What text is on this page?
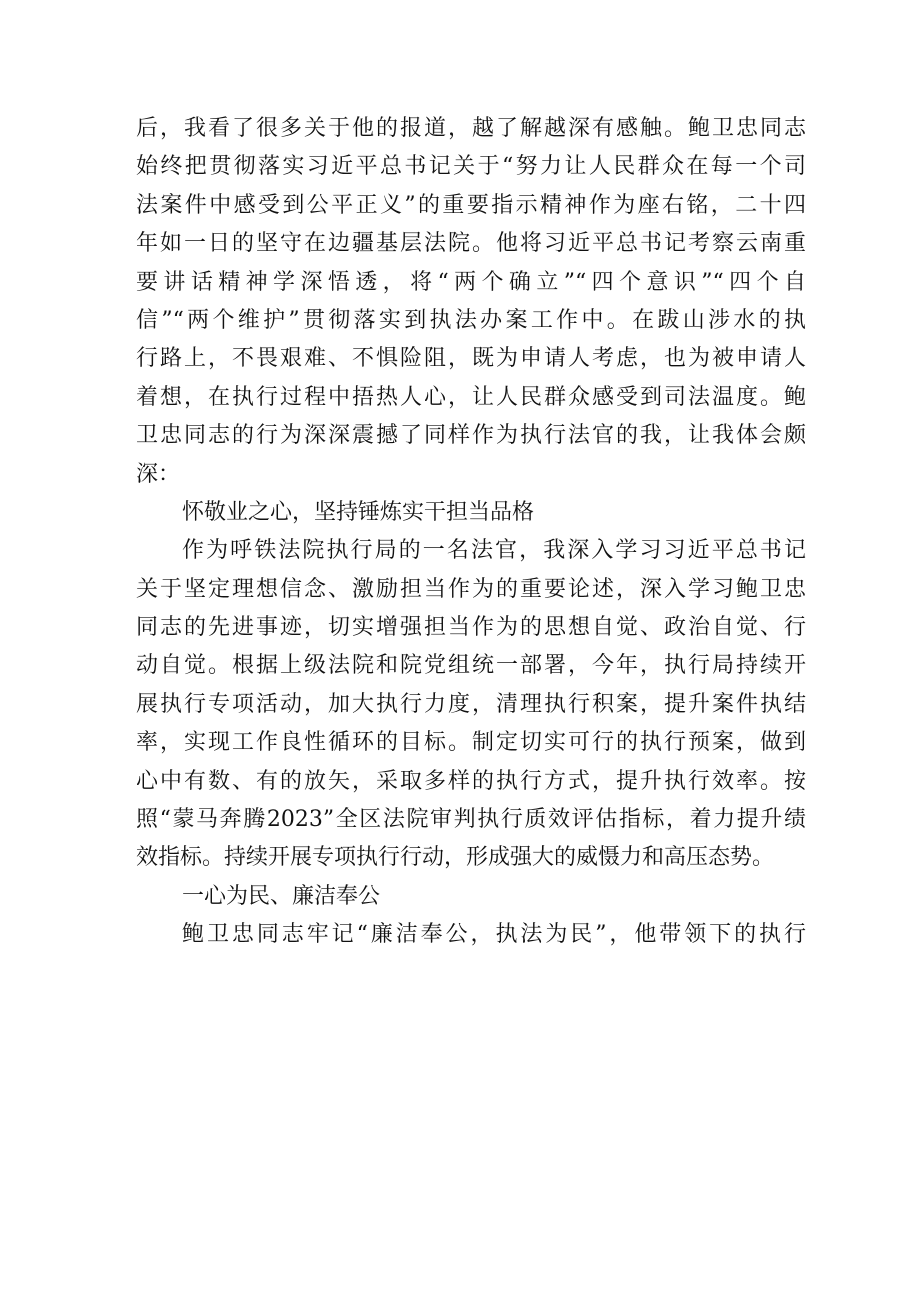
后，我看了很多关于他的报道，越了解越深有感触。鲍卫忠同志
始终把贯彻落实习近平总书记关于“努力让人民群众在每一个司
法案件中感受到公平正义”的重要指示精神作为座右铭，二十四
年如一日的坚守在边疆基层法院。他将习近平总书记考察云南重
要讲话精神学深悟透，将“两个确立”“四个意识”“四个自
信”“两个维护”贯彻落实到执法办案工作中。在跋山涉水的执
行路上，不畏艰难、不惧险阻，既为申请人考虑，也为被申请人
着想，在执行过程中捂热人心，让人民群众感受到司法温度。鲍
卫忠同志的行为深深震撼了同样作为执行法官的我，让我体会颇
深：
怀敬业之心，坚持锤炼实干担当品格
作为呼铁法院执行局的一名法官，我深入学习习近平总书记
关于坚定理想信念、激励担当作为的重要论述，深入学习鲍卫忠
同志的先进事迹，切实增强担当作为的思想自觉、政治自觉、行
动自觉。根据上级法院和院党组统一部署，今年，执行局持续开
展执行专项活动，加大执行力度，清理执行积案，提升案件执结
率，实现工作良性循环的目标。制定切实可行的执行预案，做到
心中有数、有的放矢，采取多样的执行方式，提升执行效率。按
照“蒙马奔腾2023”全区法院审判执行质效评估指标，着力提升绩
效指标。持续开展专项执行行动，形成强大的威慑力和高压态势。
一心为民、廉洁奉公
鲍卫忠同志牢记“廉洁奉公，执法为民”，他带领下的执行
